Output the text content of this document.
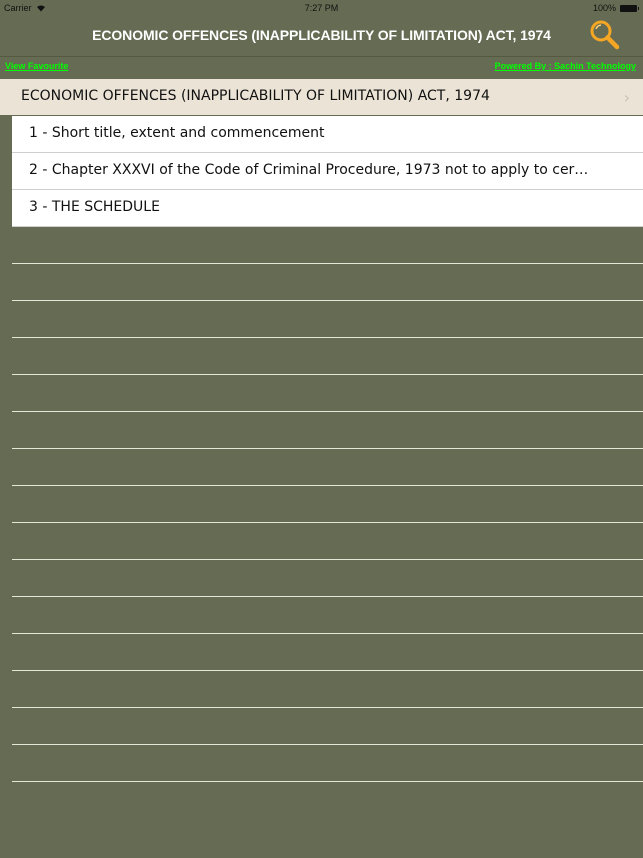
Carrier	7:27 PM	100%
ECONOMIC OFFENCES (INAPPLICABILITY OF LIMITATION) ACT, 1974
View Favourite	Powered By : Sachin Technology
ECONOMIC OFFENCES (INAPPLICABILITY OF LIMITATION) ACT, 1974	›
1 - Short title, extent and commencement
2 - Chapter XXXVI of the Code of Criminal Procedure, 1973 not to apply to cer…
3 - THE SCHEDULE
